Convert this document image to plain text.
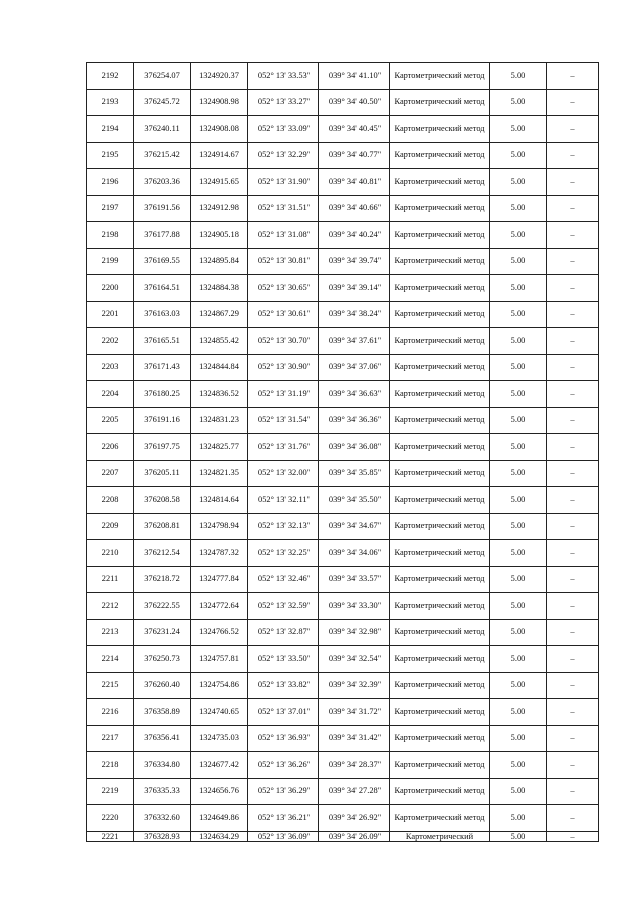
2192	376254.07	1324920.37	052° 13' 33.53"	039° 34' 41.10"	Картометрический метод	5.00	–
2193	376245.72	1324908.98	052° 13' 33.27"	039° 34' 40.50"	Картометрический метод	5.00	–
2194	376240.11	1324908.08	052° 13' 33.09"	039° 34' 40.45"	Картометрический метод	5.00	–
2195	376215.42	1324914.67	052° 13' 32.29"	039° 34' 40.77"	Картометрический метод	5.00	–
2196	376203.36	1324915.65	052° 13' 31.90"	039° 34' 40.81"	Картометрический метод	5.00	–
2197	376191.56	1324912.98	052° 13' 31.51"	039° 34' 40.66"	Картометрический метод	5.00	–
2198	376177.88	1324905.18	052° 13' 31.08"	039° 34' 40.24"	Картометрический метод	5.00	–
2199	376169.55	1324895.84	052° 13' 30.81"	039° 34' 39.74"	Картометрический метод	5.00	–
2200	376164.51	1324884.38	052° 13' 30.65"	039° 34' 39.14"	Картометрический метод	5.00	–
2201	376163.03	1324867.29	052° 13' 30.61"	039° 34' 38.24"	Картометрический метод	5.00	–
2202	376165.51	1324855.42	052° 13' 30.70"	039° 34' 37.61"	Картометрический метод	5.00	–
2203	376171.43	1324844.84	052° 13' 30.90"	039° 34' 37.06"	Картометрический метод	5.00	–
2204	376180.25	1324836.52	052° 13' 31.19"	039° 34' 36.63"	Картометрический метод	5.00	–
2205	376191.16	1324831.23	052° 13' 31.54"	039° 34' 36.36"	Картометрический метод	5.00	–
2206	376197.75	1324825.77	052° 13' 31.76"	039° 34' 36.08"	Картометрический метод	5.00	–
2207	376205.11	1324821.35	052° 13' 32.00"	039° 34' 35.85"	Картометрический метод	5.00	–
2208	376208.58	1324814.64	052° 13' 32.11"	039° 34' 35.50"	Картометрический метод	5.00	–
2209	376208.81	1324798.94	052° 13' 32.13"	039° 34' 34.67"	Картометрический метод	5.00	–
2210	376212.54	1324787.32	052° 13' 32.25"	039° 34' 34.06"	Картометрический метод	5.00	–
2211	376218.72	1324777.84	052° 13' 32.46"	039° 34' 33.57"	Картометрический метод	5.00	–
2212	376222.55	1324772.64	052° 13' 32.59"	039° 34' 33.30"	Картометрический метод	5.00	–
2213	376231.24	1324766.52	052° 13' 32.87"	039° 34' 32.98"	Картометрический метод	5.00	–
2214	376250.73	1324757.81	052° 13' 33.50"	039° 34' 32.54"	Картометрический метод	5.00	–
2215	376260.40	1324754.86	052° 13' 33.82"	039° 34' 32.39"	Картометрический метод	5.00	–
2216	376358.89	1324740.65	052° 13' 37.01"	039° 34' 31.72"	Картометрический метод	5.00	–
2217	376356.41	1324735.03	052° 13' 36.93"	039° 34' 31.42"	Картометрический метод	5.00	–
2218	376334.80	1324677.42	052° 13' 36.26"	039° 34' 28.37"	Картометрический метод	5.00	–
2219	376335.33	1324656.76	052° 13' 36.29"	039° 34' 27.28"	Картометрический метод	5.00	–
2220	376332.60	1324649.86	052° 13' 36.21"	039° 34' 26.92"	Картометрический метод	5.00	–
2221	376328.93	1324634.29	052° 13' 36.09"	039° 34' 26.09"	Картометрический	5.00	–
